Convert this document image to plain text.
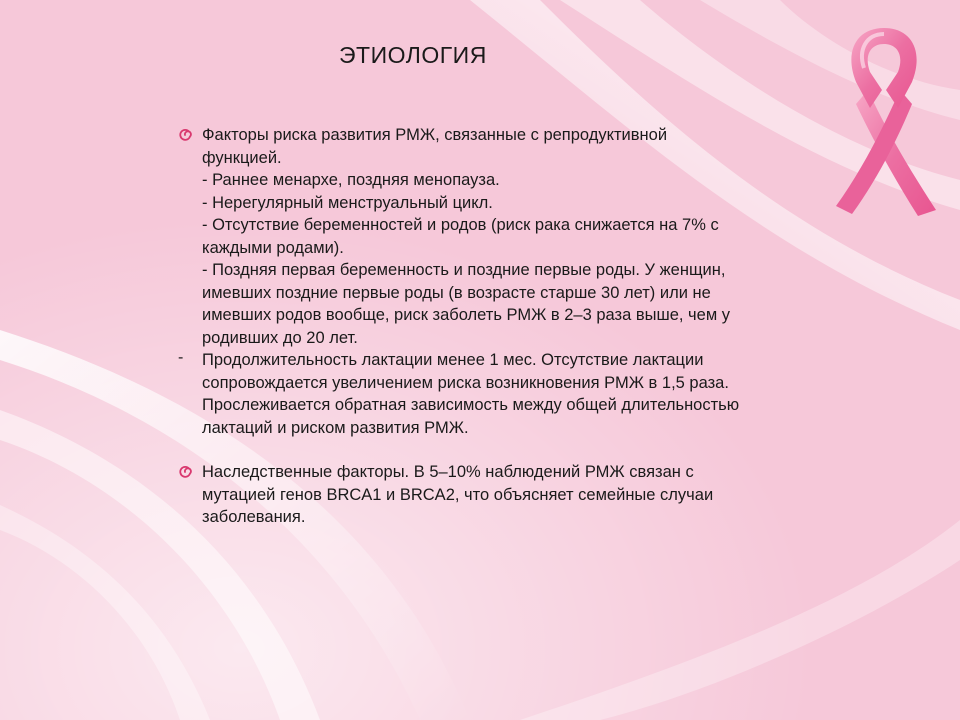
ЭТИОЛОГИЯ
Факторы риска развития РМЖ, связанные с репродуктивной
функцией.
- Раннее менархе, поздняя менопауза.
- Нерегулярный менструальный цикл.
- Отсутствие беременностей и родов (риск рака снижается на 7% с
каждыми родами).
- Поздняя первая беременность и поздние первые роды. У женщин,
имевших поздние первые роды (в возрасте старше 30 лет) или не
имевших родов вообще, риск заболеть РМЖ в 2–3 раза выше, чем у
родивших до 20 лет.
- Продолжительность лактации менее 1 мес. Отсутствие лактации
сопровождается увеличением риска возникновения РМЖ в 1,5 раза.
Прослеживается обратная зависимость между общей длительностью
лактаций и риском развития РМЖ.
Наследственные факторы. В 5–10% наблюдений РМЖ связан с
мутацией генов BRCA1 и BRCA2, что объясняет семейные случаи
заболевания.
